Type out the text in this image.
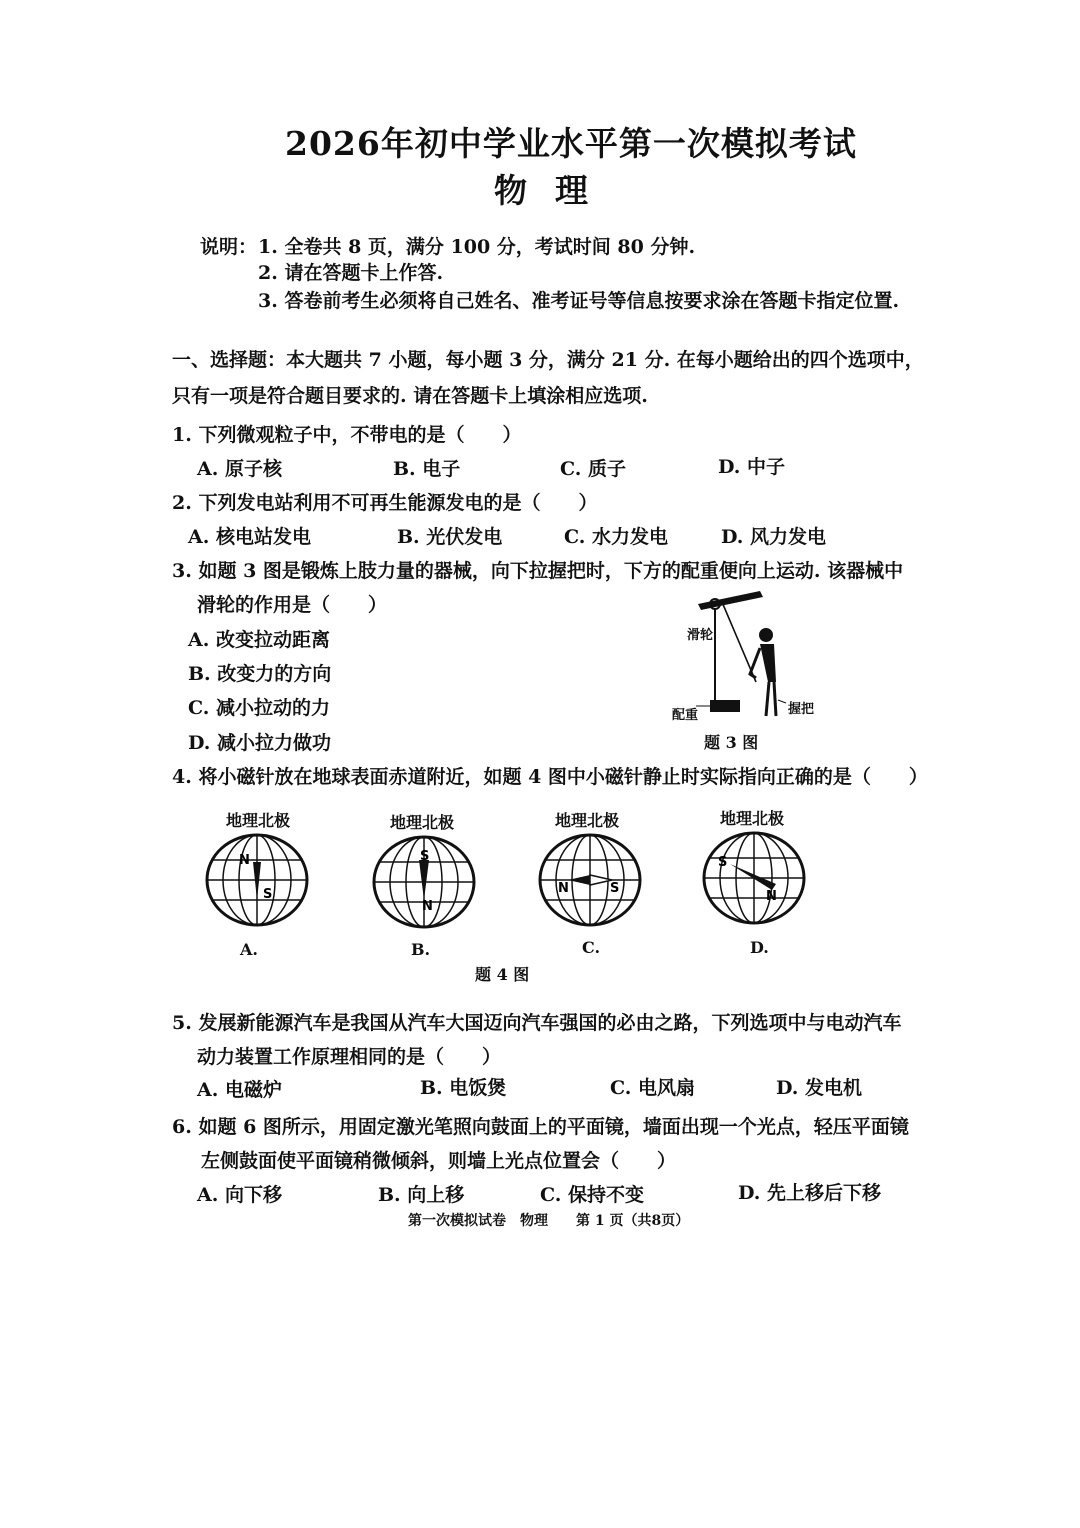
2026年初中学业水平第一次模拟考试
物理
说明： 1. 全卷共 8 页，满分 100 分，考试时间 80 分钟.
2. 请在答题卡上作答.
3. 答卷前考生必须将自己姓名、准考证号等信息按要求涂在答题卡指定位置.
一、选择题：本大题共 7 小题，每小题 3 分，满分 21 分. 在每小题给出的四个选项中，
只有一项是符合题目要求的. 请在答题卡上填涂相应选项.
1. 下列微观粒子中，不带电的是（　　）
A. 原子核	B. 电子	C. 质子	D. 中子
2. 下列发电站利用不可再生能源发电的是（　　）
A. 核电站发电	B. 光伏发电	C. 水力发电	D. 风力发电
3. 如题 3 图是锻炼上肢力量的器械，向下拉握把时，下方的配重便向上运动. 该器械中
滑轮的作用是（　　）
A. 改变拉动距离
B. 改变力的方向
C. 减小拉动的力
D. 减小拉力做功
滑轮
配重	握把
题 3 图
4. 将小磁针放在地球表面赤道附近，如题 4 图中小磁针静止时实际指向正确的是（　　）
地理北极	地理北极	地理北极	地理北极
N
S
S
N
N	S
S
N
A.	B.	C.	D.
题 4 图
5. 发展新能源汽车是我国从汽车大国迈向汽车强国的必由之路，下列选项中与电动汽车
动力装置工作原理相同的是（　　）
A. 电磁炉	B. 电饭煲	C. 电风扇	D. 发电机
6. 如题 6 图所示，用固定激光笔照向鼓面上的平面镜，墙面出现一个光点，轻压平面镜
左侧鼓面使平面镜稍微倾斜，则墙上光点位置会（　　）
A. 向下移	B. 向上移	C. 保持不变	D. 先上移后下移
第一次模拟试卷　物理　　第 1 页（共8页）
